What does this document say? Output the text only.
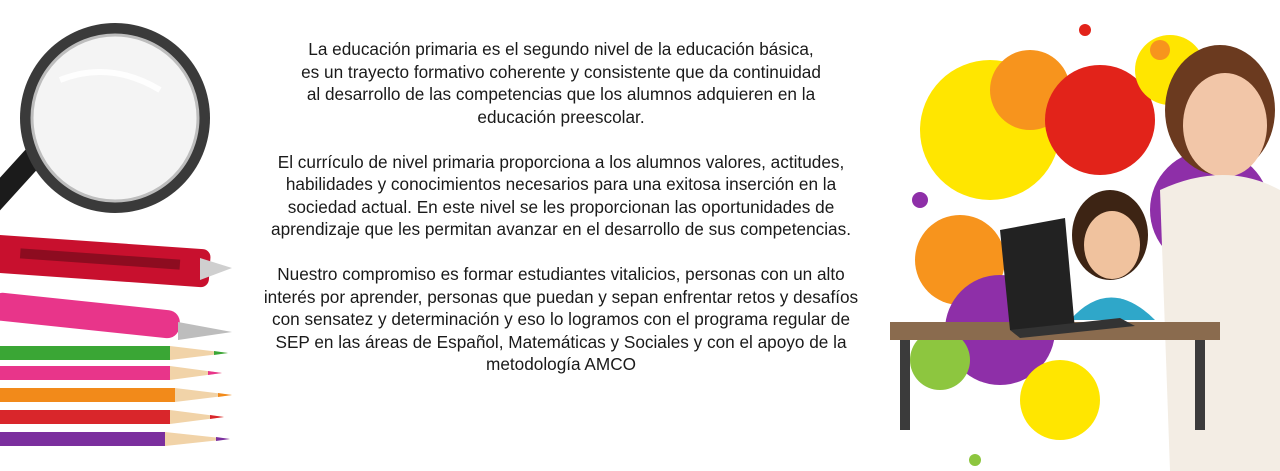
La educación primaria es el segundo nivel de la educación básica,
es un trayecto formativo coherente y consistente que da continuidad
al desarrollo de las competencias que los alumnos adquieren en la
educación preescolar.

El currículo de nivel primaria proporciona a los alumnos valores, actitudes,
habilidades y conocimientos necesarios para una exitosa inserción en la
sociedad actual. En este nivel se les proporcionan las oportunidades de
aprendizaje que les permitan avanzar en el desarrollo de sus competencias.

Nuestro compromiso es formar estudiantes vitalicios, personas con un alto
interés por aprender, personas que puedan y sepan enfrentar retos y desafíos
con sensatez y determinación y eso lo logramos con el programa regular de
SEP en las áreas de Español, Matemáticas y Sociales y con el apoyo de la
metodología AMCO
